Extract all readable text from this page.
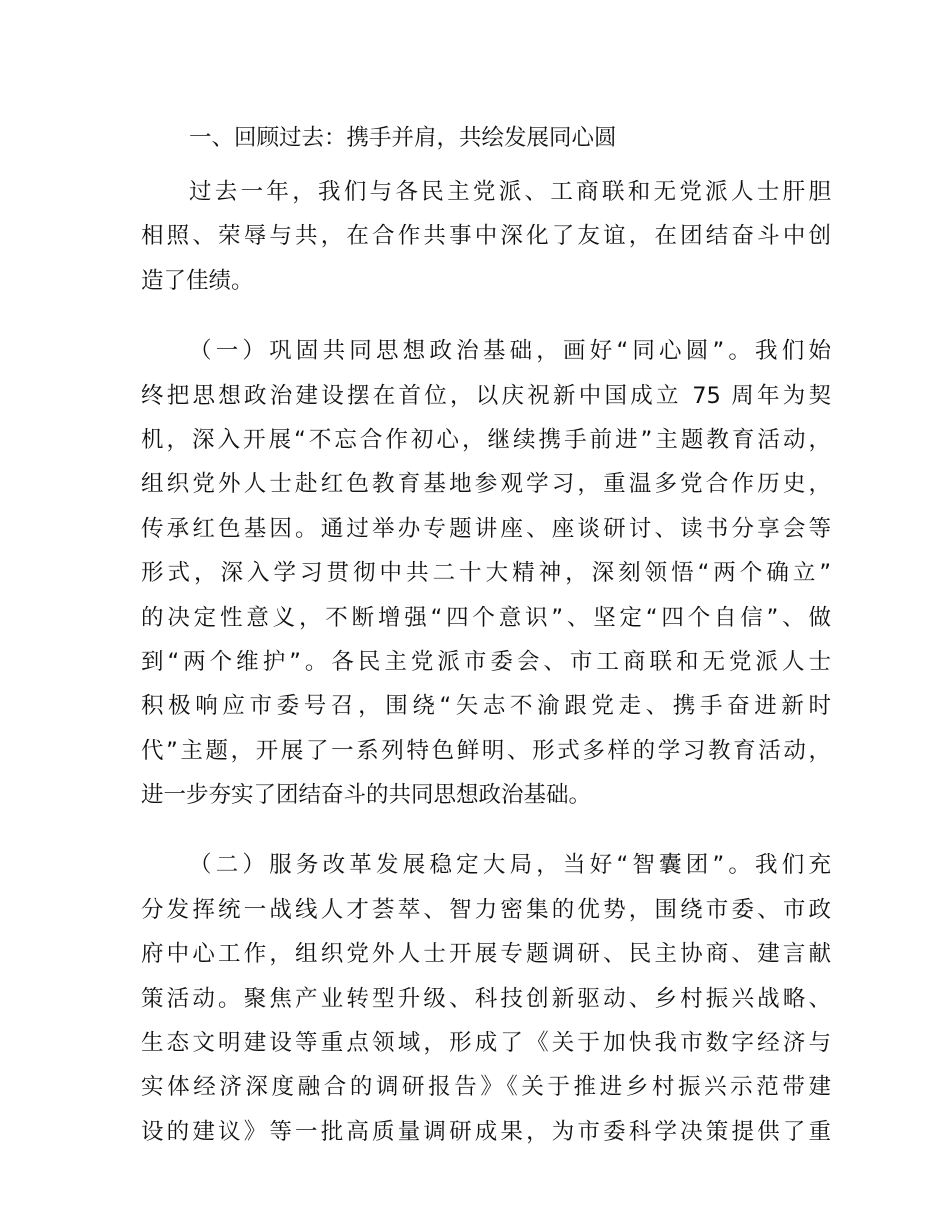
一、回顾过去：携手并肩，共绘发展同心圆
过去一年，我们与各民主党派、工商联和无党派人士肝胆
相照、荣辱与共，在合作共事中深化了友谊，在团结奋斗中创
造了佳绩。
（一）巩固共同思想政治基础，画好“同心圆”。我们始
终把思想政治建设摆在首位，以庆祝新中国成立 75 周年为契
机，深入开展“不忘合作初心，继续携手前进”主题教育活动，
组织党外人士赴红色教育基地参观学习，重温多党合作历史，
传承红色基因。通过举办专题讲座、座谈研讨、读书分享会等
形式，深入学习贯彻中共二十大精神，深刻领悟“两个确立”
的决定性意义，不断增强“四个意识”、坚定“四个自信”、做
到“两个维护”。各民主党派市委会、市工商联和无党派人士
积极响应市委号召，围绕“矢志不渝跟党走、携手奋进新时
代”主题，开展了一系列特色鲜明、形式多样的学习教育活动，
进一步夯实了团结奋斗的共同思想政治基础。
（二）服务改革发展稳定大局，当好“智囊团”。我们充
分发挥统一战线人才荟萃、智力密集的优势，围绕市委、市政
府中心工作，组织党外人士开展专题调研、民主协商、建言献
策活动。聚焦产业转型升级、科技创新驱动、乡村振兴战略、
生态文明建设等重点领域，形成了《关于加快我市数字经济与
实体经济深度融合的调研报告》《关于推进乡村振兴示范带建
设的建议》等一批高质量调研成果，为市委科学决策提供了重
